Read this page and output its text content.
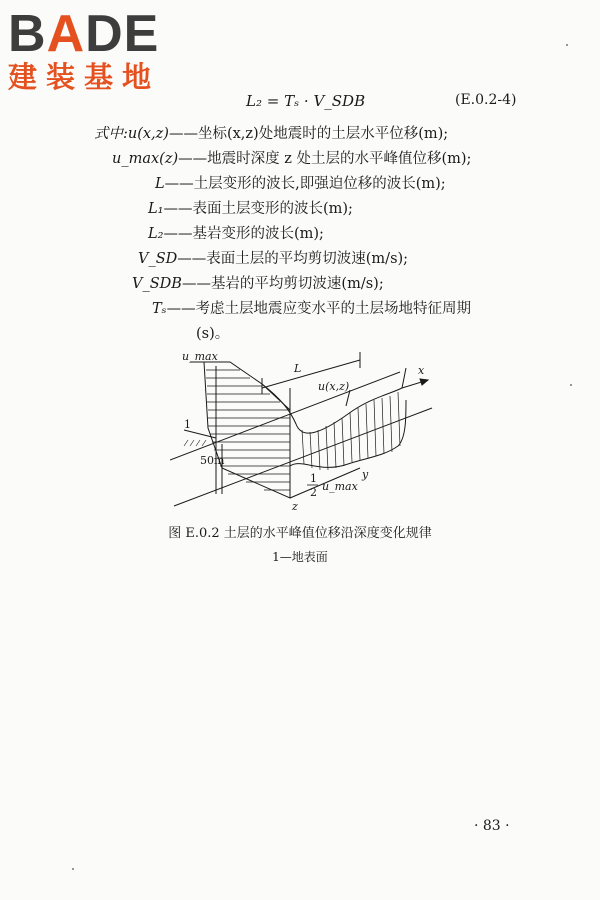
BADE
建装基地
L₂ = Tₛ · V_SDB	(E.0.2-4)
式中:u(x,z)——坐标(x,z)处地震时的土层水平位移(m);
u_max(z)——地震时深度 z 处土层的水平峰值位移(m);
L——土层变形的波长,即强迫位移的波长(m);
L₁——表面土层变形的波长(m);
L₂——基岩变形的波长(m);
V_SD——表面土层的平均剪切波速(m/s);
V_SDB——基岩的平均剪切波速(m/s);
Tₛ——考虑土层地震应变水平的土层场地特征周期
(s)。
u_max
L
u(x,z)
x
y
z
1
50m
1
2 u_max
图 E.0.2 土层的水平峰值位移沿深度变化规律
1—地表面
· 83 ·
